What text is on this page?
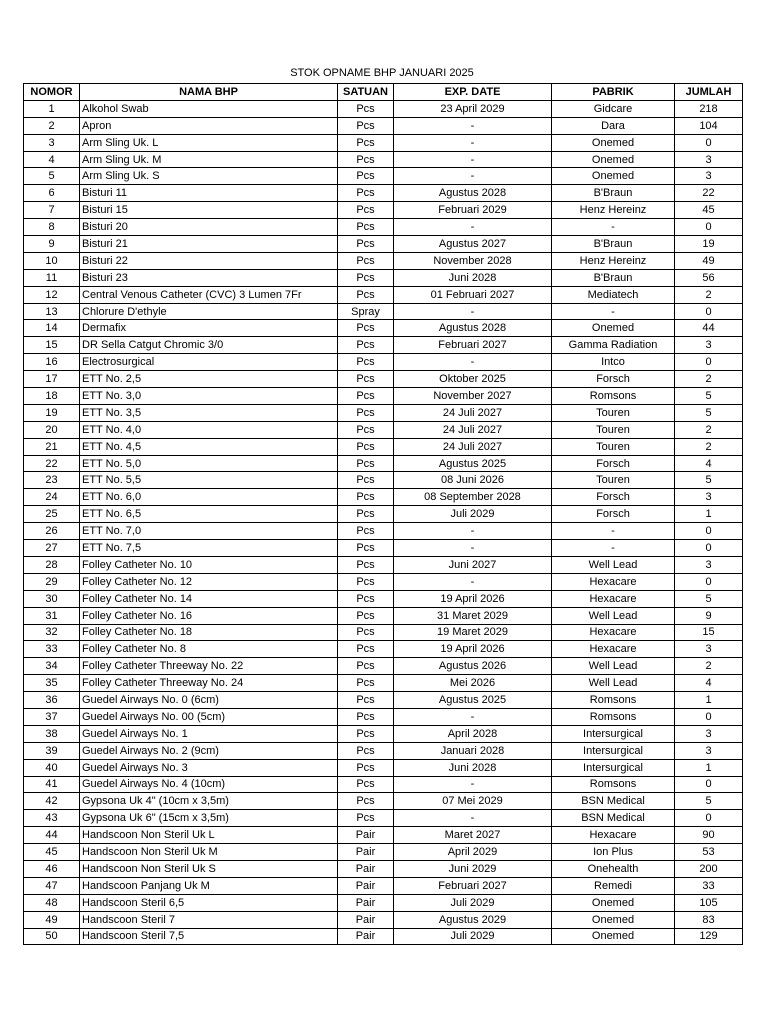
STOK OPNAME BHP JANUARI 2025
NOMOR	NAMA BHP	SATUAN	EXP. DATE	PABRIK	JUMLAH
1	Alkohol Swab	Pcs	23 April 2029	Gidcare	218
2	Apron	Pcs	-	Dara	104
3	Arm Sling Uk. L	Pcs	-	Onemed	0
4	Arm Sling Uk. M	Pcs	-	Onemed	3
5	Arm Sling Uk. S	Pcs	-	Onemed	3
6	Bisturi 11	Pcs	Agustus 2028	B'Braun	22
7	Bisturi 15	Pcs	Februari 2029	Henz Hereinz	45
8	Bisturi 20	Pcs	-	-	0
9	Bisturi 21	Pcs	Agustus 2027	B'Braun	19
10	Bisturi 22	Pcs	November 2028	Henz Hereinz	49
11	Bisturi 23	Pcs	Juni 2028	B'Braun	56
12	Central Venous Catheter (CVC) 3 Lumen 7Fr	Pcs	01 Februari 2027	Mediatech	2
13	Chlorure D'ethyle	Spray	-	-	0
14	Dermafix	Pcs	Agustus 2028	Onemed	44
15	DR Sella Catgut Chromic 3/0	Pcs	Februari 2027	Gamma Radiation	3
16	Electrosurgical	Pcs	-	Intco	0
17	ETT No. 2,5	Pcs	Oktober 2025	Forsch	2
18	ETT No. 3,0	Pcs	November 2027	Romsons	5
19	ETT No. 3,5	Pcs	24 Juli 2027	Touren	5
20	ETT No. 4,0	Pcs	24 Juli 2027	Touren	2
21	ETT No. 4,5	Pcs	24 Juli 2027	Touren	2
22	ETT No. 5,0	Pcs	Agustus 2025	Forsch	4
23	ETT No. 5,5	Pcs	08 Juni 2026	Touren	5
24	ETT No. 6,0	Pcs	08 September 2028	Forsch	3
25	ETT No. 6,5	Pcs	Juli 2029	Forsch	1
26	ETT No. 7,0	Pcs	-	-	0
27	ETT No. 7,5	Pcs	-	-	0
28	Folley Catheter No. 10	Pcs	Juni 2027	Well Lead	3
29	Folley Catheter No. 12	Pcs	-	Hexacare	0
30	Folley Catheter No. 14	Pcs	19 April 2026	Hexacare	5
31	Folley Catheter No. 16	Pcs	31 Maret 2029	Well Lead	9
32	Folley Catheter No. 18	Pcs	19 Maret 2029	Hexacare	15
33	Folley Catheter No. 8	Pcs	19 April 2026	Hexacare	3
34	Folley Catheter Threeway No. 22	Pcs	Agustus 2026	Well Lead	2
35	Folley Catheter Threeway No. 24	Pcs	Mei 2026	Well Lead	4
36	Guedel Airways No. 0 (6cm)	Pcs	Agustus 2025	Romsons	1
37	Guedel Airways No. 00 (5cm)	Pcs	-	Romsons	0
38	Guedel Airways No. 1	Pcs	April 2028	Intersurgical	3
39	Guedel Airways No. 2 (9cm)	Pcs	Januari 2028	Intersurgical	3
40	Guedel Airways No. 3	Pcs	Juni 2028	Intersurgical	1
41	Guedel Airways No. 4 (10cm)	Pcs	-	Romsons	0
42	Gypsona Uk 4" (10cm x 3,5m)	Pcs	07 Mei 2029	BSN Medical	5
43	Gypsona Uk 6" (15cm x 3,5m)	Pcs	-	BSN Medical	0
44	Handscoon Non Steril Uk L	Pair	Maret 2027	Hexacare	90
45	Handscoon Non Steril Uk M	Pair	April 2029	Ion Plus	53
46	Handscoon Non Steril Uk S	Pair	Juni 2029	Onehealth	200
47	Handscoon Panjang Uk M	Pair	Februari 2027	Remedi	33
48	Handscoon Steril 6,5	Pair	Juli 2029	Onemed	105
49	Handscoon Steril 7	Pair	Agustus 2029	Onemed	83
50	Handscoon Steril 7,5	Pair	Juli 2029	Onemed	129
